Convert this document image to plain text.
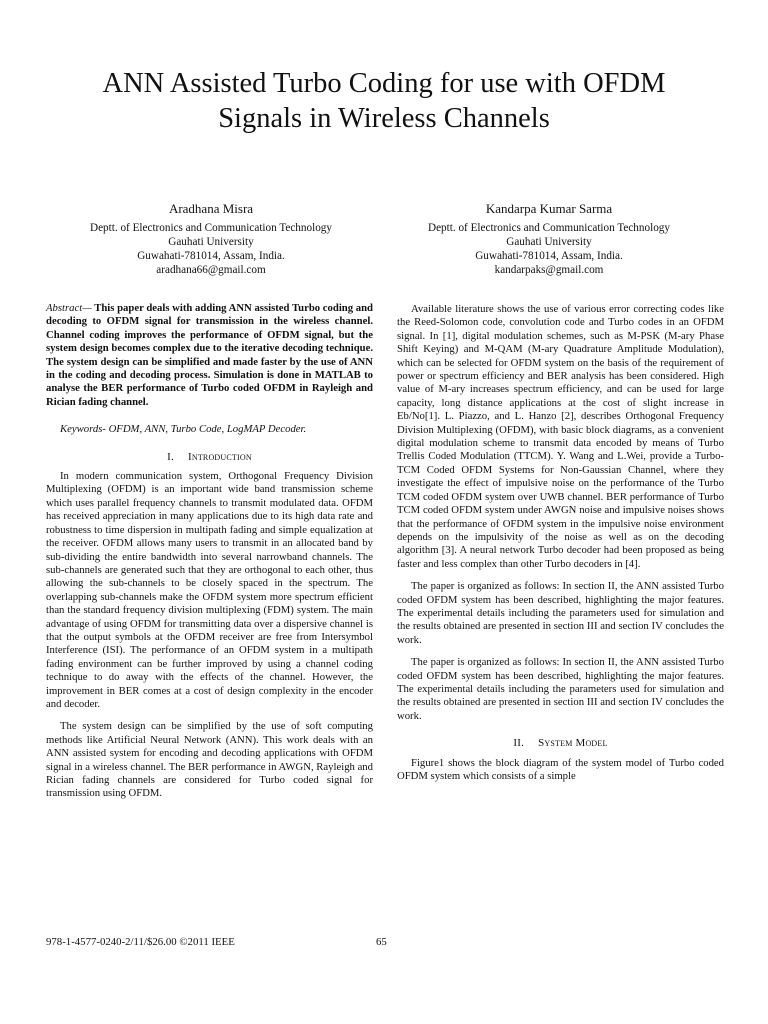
ANN Assisted Turbo Coding for use with OFDM
Signals in Wireless Channels
Aradhana Misra
Deptt. of Electronics and Communication Technology
Gauhati University
Guwahati-781014, Assam, India.
aradhana66@gmail.com
Kandarpa Kumar Sarma
Deptt. of Electronics and Communication Technology
Gauhati University
Guwahati-781014, Assam, India.
kandarpaks@gmail.com

Abstract— This paper deals with adding ANN assisted Turbo coding and decoding to OFDM signal for transmission in the wireless channel. Channel coding improves the performance of OFDM signal, but the system design becomes complex due to the iterative decoding technique. The system design can be simplified and made faster by the use of ANN in the coding and decoding process. Simulation is done in MATLAB to analyse the BER performance of Turbo coded OFDM in Rayleigh and Rician fading channel.

Keywords- OFDM, ANN, Turbo Code, LogMAP Decoder.

I. Introduction

In modern communication system, Orthogonal Frequency Division Multiplexing (OFDM) is an important wide band transmission scheme which uses parallel frequency channels to transmit modulated data. OFDM has received appreciation in many applications due to its high data rate and robustness to time dispersion in multipath fading and simple equalization at the receiver. OFDM allows many users to transmit in an allocated band by sub-dividing the entire bandwidth into several narrowband channels. The sub-channels are generated such that they are orthogonal to each other, thus allowing the sub-channels to be closely spaced in the spectrum. The overlapping sub-channels make the OFDM system more spectrum efficient than the standard frequency division multiplexing (FDM) system. The main advantage of using OFDM for transmitting data over a dispersive channel is that the output symbols at the OFDM receiver are free from Intersymbol Interference (ISI). The performance of an OFDM system in a multipath fading environment can be further improved by using a channel coding technique to do away with the effects of the channel. However, the improvement in BER comes at a cost of design complexity in the encoder and decoder.

The system design can be simplified by the use of soft computing methods like Artificial Neural Network (ANN). This work deals with an ANN assisted system for encoding and decoding applications with OFDM signal in a wireless channel. The BER performance in AWGN, Rayleigh and Rician fading channels are considered for Turbo coded signal for transmission using OFDM.

Available literature shows the use of various error correcting codes like the Reed-Solomon code, convolution code and Turbo codes in an OFDM signal. In [1], digital modulation schemes, such as M-PSK (M-ary Phase Shift Keying) and M-QAM (M-ary Quadrature Amplitude Modulation), which can be selected for OFDM system on the basis of the requirement of power or spectrum efficiency and BER analysis has been considered. High value of M-ary increases spectrum efficiency, and can be used for large capacity, long distance applications at the cost of slight increase in Eb/No[1]. L. Piazzo, and L. Hanzo [2], describes Orthogonal Frequency Division Multiplexing (OFDM), with basic block diagrams, as a convenient digital modulation scheme to transmit data encoded by means of Turbo Trellis Coded Modulation (TTCM). Y. Wang and L.Wei, provide a Turbo-TCM Coded OFDM Systems for Non-Gaussian Channel, where they investigate the effect of impulsive noise on the performance of the Turbo TCM coded OFDM system over UWB channel. BER performance of Turbo TCM coded OFDM system under AWGN noise and impulsive noises shows that the performance of OFDM system in the impulsive noise environment depends on the impulsivity of the noise as well as on the decoding algorithm [3]. A neural network Turbo decoder had been proposed as being faster and less complex than other Turbo decoders in [4].

The paper is organized as follows: In section II, the ANN assisted Turbo coded OFDM system has been described, highlighting the major features. The experimental details including the parameters used for simulation and the results obtained are presented in section III and section IV concludes the work.

The paper is organized as follows: In section II, the ANN assisted Turbo coded OFDM system has been described, highlighting the major features. The experimental details including the parameters used for simulation and the results obtained are presented in section III and section IV concludes the work.

II. System Model

Figure1 shows the block diagram of the system model of Turbo coded OFDM system which consists of a simple

978-1-4577-0240-2/11/$26.00 ©2011 IEEE	65
